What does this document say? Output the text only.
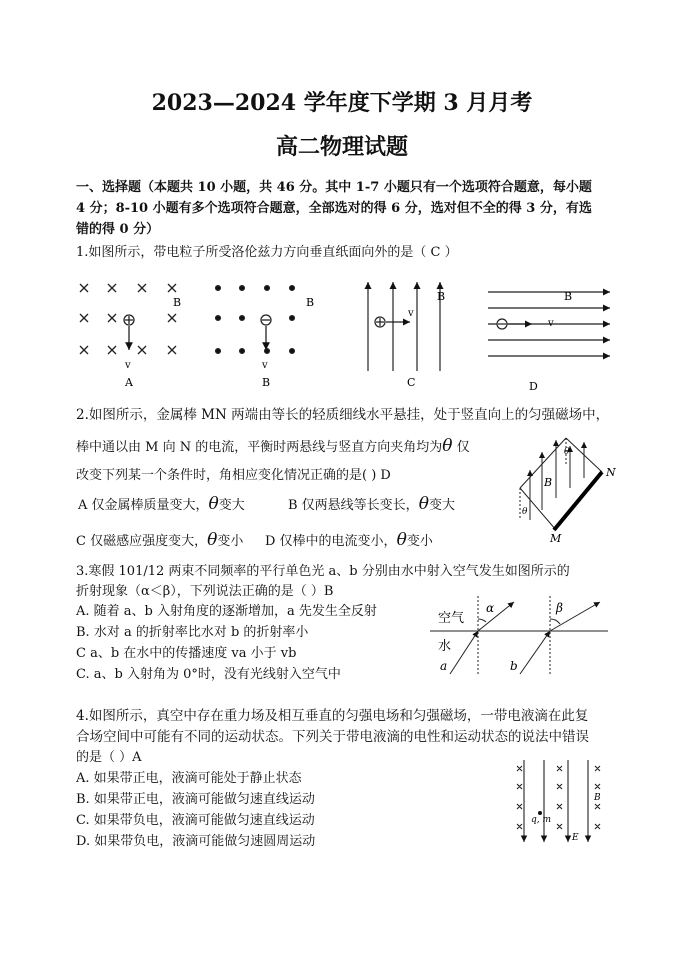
2023—2024 学年度下学期 3 月月考
高二物理试题
一、选择题（本题共 10 小题，共 46 分。其中 1-7 小题只有一个选项符合题意，每小题
4 分；8-10 小题有多个选项符合题意，全部选对的得 6 分，选对但不全的得 3 分，有选
错的得 0 分）
1.如图所示，带电粒子所受洛伦兹力方向垂直纸面向外的是（ C ）
B
v
A
B
v
B
B
v
C
B
v
D
2.如图所示，金属棒 MN 两端由等长的轻质细线水平悬挂，处于竖直向上的匀强磁场中，
棒中通以由 M 向 N 的电流，平衡时两悬线与竖直方向夹角均为θ 仅
改变下列某一个条件时，角相应变化情况正确的是( ) D
A 仅金属棒质量变大，θ变大	B 仅两悬线等长变长，θ变大
C 仅磁感应强度变大，θ变小 D 仅棒中的电流变小，θ变小
B
N
M
θ
θ
3.寒假 101/12 两束不同频率的平行单色光 a、b 分别由水中射入空气发生如图所示的
折射现象（α＜β），下列说法正确的是（ ）B
A. 随着 a、b 入射角度的逐渐增加，a 先发生全反射
B. 水对 a 的折射率比水对 b 的折射率小
C a、b 在水中的传播速度 va 小于 vb
C. a、b 入射角为 0°时，没有光线射入空气中
空气
水
α	β
a	b
4.如图所示，真空中存在重力场及相互垂直的匀强电场和匀强磁场，一带电液滴在此复
合场空间中可能有不同的运动状态。下列关于带电液滴的电性和运动状态的说法中错误
的是（ ）A
A. 如果带正电，液滴可能处于静止状态
B. 如果带正电，液滴可能做匀速直线运动
C. 如果带负电，液滴可能做匀速直线运动
D. 如果带负电，液滴可能做匀速圆周运动
q, m
B
E
